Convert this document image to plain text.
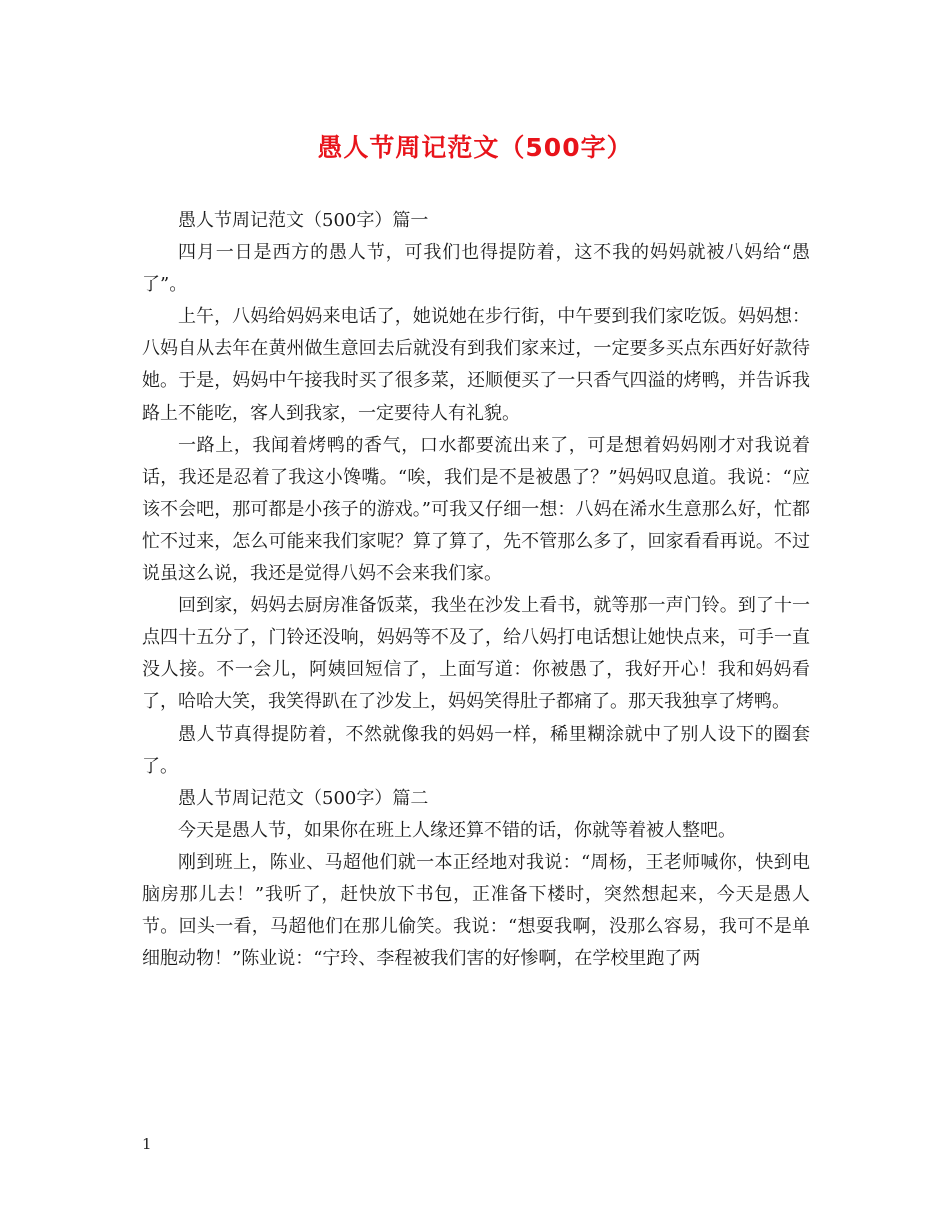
愚人节周记范文（500字）

愚人节周记范文（500字）篇一

四月一日是西方的愚人节，可我们也得提防着，这不我的妈妈就被八妈给“愚了”。

上午，八妈给妈妈来电话了，她说她在步行街，中午要到我们家吃饭。妈妈想：八妈自从去年在黄州做生意回去后就没有到我们家来过，一定要多买点东西好好款待她。于是，妈妈中午接我时买了很多菜，还顺便买了一只香气四溢的烤鸭，并告诉我路上不能吃，客人到我家，一定要待人有礼貌。

一路上，我闻着烤鸭的香气，口水都要流出来了，可是想着妈妈刚才对我说着话，我还是忍着了我这小馋嘴。“唉，我们是不是被愚了？”妈妈叹息道。我说：“应该不会吧，那可都是小孩子的游戏。”可我又仔细一想：八妈在浠水生意那么好，忙都忙不过来，怎么可能来我们家呢？算了算了，先不管那么多了，回家看看再说。不过说虽这么说，我还是觉得八妈不会来我们家。

回到家，妈妈去厨房准备饭菜，我坐在沙发上看书，就等那一声门铃。到了十一点四十五分了，门铃还没响，妈妈等不及了，给八妈打电话想让她快点来，可手一直没人接。不一会儿，阿姨回短信了，上面写道：你被愚了，我好开心！我和妈妈看了，哈哈大笑，我笑得趴在了沙发上，妈妈笑得肚子都痛了。那天我独享了烤鸭。

愚人节真得提防着，不然就像我的妈妈一样，稀里糊涂就中了别人设下的圈套了。

愚人节周记范文（500字）篇二

今天是愚人节，如果你在班上人缘还算不错的话，你就等着被人整吧。

刚到班上，陈业、马超他们就一本正经地对我说：“周杨，王老师喊你，快到电脑房那儿去！”我听了，赶快放下书包，正准备下楼时，突然想起来，今天是愚人节。回头一看，马超他们在那儿偷笑。我说：“想耍我啊，没那么容易，我可不是单细胞动物！”陈业说：“宁玲、李程被我们害的好惨啊，在学校里跑了两

1
